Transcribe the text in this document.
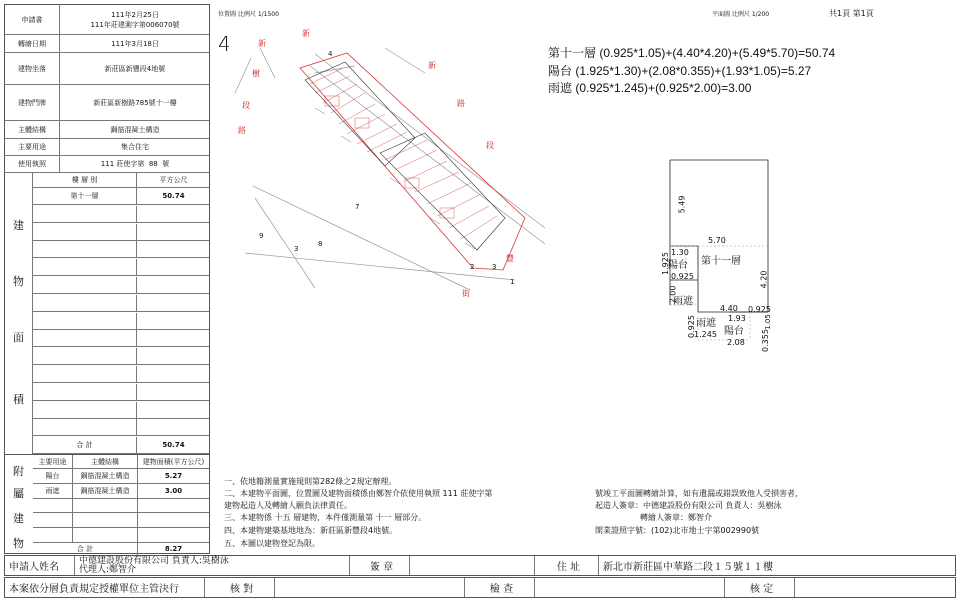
申請書
111年2月25日
111年莊建測字第006070號
轉繪日期	111年3月18日
建物坐落	新莊區新豐段4地號
建物門牌	新莊區新樹路785號十一樓
主體結構	鋼筋混凝土構造
主要用途	集合住宅
使用執照	111 莊使字第
88
號
樓 層 別	平方公尺
第十一層	50.74
合 計	50.74
建
物
面
積
附
屬
建
物
主要用途	主體結構	建物面積(平方公尺)
陽台	鋼筋混凝土構造	5.27
雨遮	鋼筋混凝土構造	3.00
合 計	8.27
位置圖 比例尺 1/1500
4	新
新
樹
段
路
新
路
段
豐
街
4
7
9
3
8
2	3
1
平面圖 比例尺 1/200	共1頁 第1頁
第十一層 (0.925*1.05)+(4.40*4.20)+(5.49*5.70)=50.74
陽台 (1.925*1.30)+(2.08*0.355)+(1.93*1.05)=5.27
雨遮 (0.925*1.245)+(0.925*2.00)=3.00
5.49
5.70
1.30
1.925
0.925	4.20
2.00
4.40 0.925
1.93	1.05
0.925
1.245
2.08 0.355
第十一層
陽台
雨遮
雨遮
陽台
一、依地籍測量實施規則第282條之2規定辦理。
二、本建物平面圖，位置圖及建物面積係由鄭智介依使用執照 111 莊使字第
建物起造人及轉繪人願負法律責任。
三、本建物係 十五 層建物，本件僅測量第 十一 層部分。
四、本建物建築基地地為：新莊區新豐段4地號。
五、本圖以建物登記為限。
號竣工平面圖轉繪計算，如有遺漏或錯誤致他人受損害者，
起造人簽章：中德建設股份有限公司 負責人：吳樹泳
轉繪人簽章：鄭智介
開業證照字號：(102)北市地士字第002990號
申請人姓名
中德建設股份有限公司 負責人:吳樹泳
代理人:鄭智介	簽 章	住 址	新北市新莊區中華路二段１５號１１樓
本案依分層負責規定授權單位主管決行	核 對	檢 查	核 定
